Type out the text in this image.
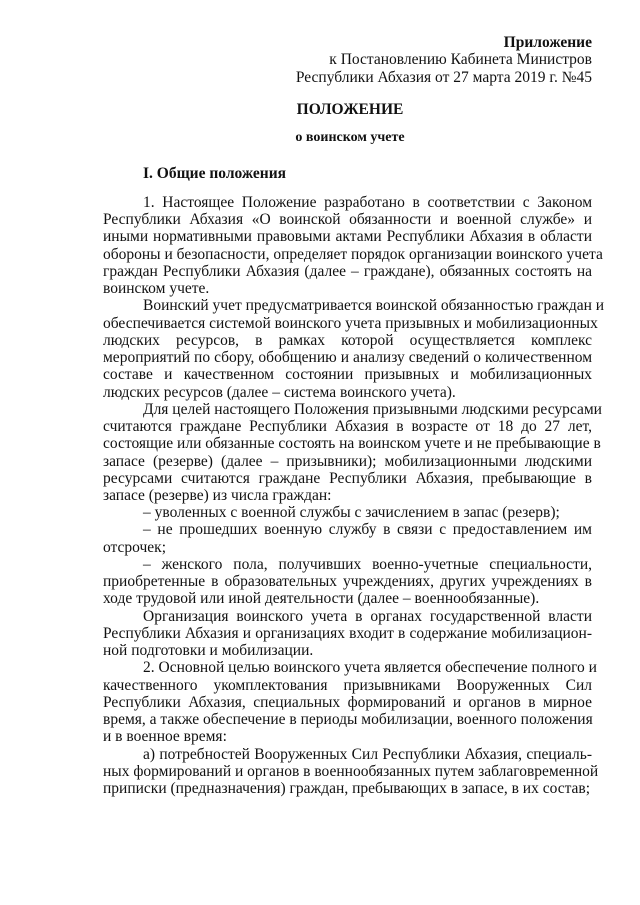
Приложение
к Постановлению Кабинета Министров
Республики Абхазия от 27 марта 2019 г. №45
ПОЛОЖЕНИЕ
о воинском учете
I. Общие положения
1. Настоящее Положение разработано в соответствии с Законом
Республики Абхазия «О воинской обязанности и военной службе» и
иными нормативными правовыми актами Республики Абхазия в области
обороны и безопасности, определяет порядок организации воинского учета
граждан Республики Абхазия (далее – граждане), обязанных состоять на
воинском учете.
Воинский учет предусматривается воинской обязанностью граждан и
обеспечивается системой воинского учета призывных и мобилизационных
людских ресурсов, в рамках которой осуществляется комплекс
мероприятий по сбору, обобщению и анализу сведений о количественном
составе и качественном состоянии призывных и мобилизационных
людских ресурсов (далее – система воинского учета).
Для целей настоящего Положения призывными людскими ресурсами
считаются граждане Республики Абхазия в возрасте от 18 до 27 лет,
состоящие или обязанные состоять на воинском учете и не пребывающие в
запасе (резерве) (далее – призывники); мобилизационными людскими
ресурсами считаются граждане Республики Абхазия, пребывающие в
запасе (резерве) из числа граждан:
– уволенных с военной службы с зачислением в запас (резерв);
– не прошедших военную службу в связи с предоставлением им
отсрочек;
– женского пола, получивших военно-учетные специальности,
приобретенные в образовательных учреждениях, других учреждениях в
ходе трудовой или иной деятельности (далее – военнообязанные).
Организация воинского учета в органах государственной власти
Республики Абхазия и организациях входит в содержание мобилизацион-
ной подготовки и мобилизации.
2. Основной целью воинского учета является обеспечение полного и
качественного укомплектования призывниками Вооруженных Сил
Республики Абхазия, специальных формирований и органов в мирное
время, а также обеспечение в периоды мобилизации, военного положения
и в военное время:
а) потребностей Вооруженных Сил Республики Абхазия, специаль-
ных формирований и органов в военнообязанных путем заблаговременной
приписки (предназначения) граждан, пребывающих в запасе, в их состав;
